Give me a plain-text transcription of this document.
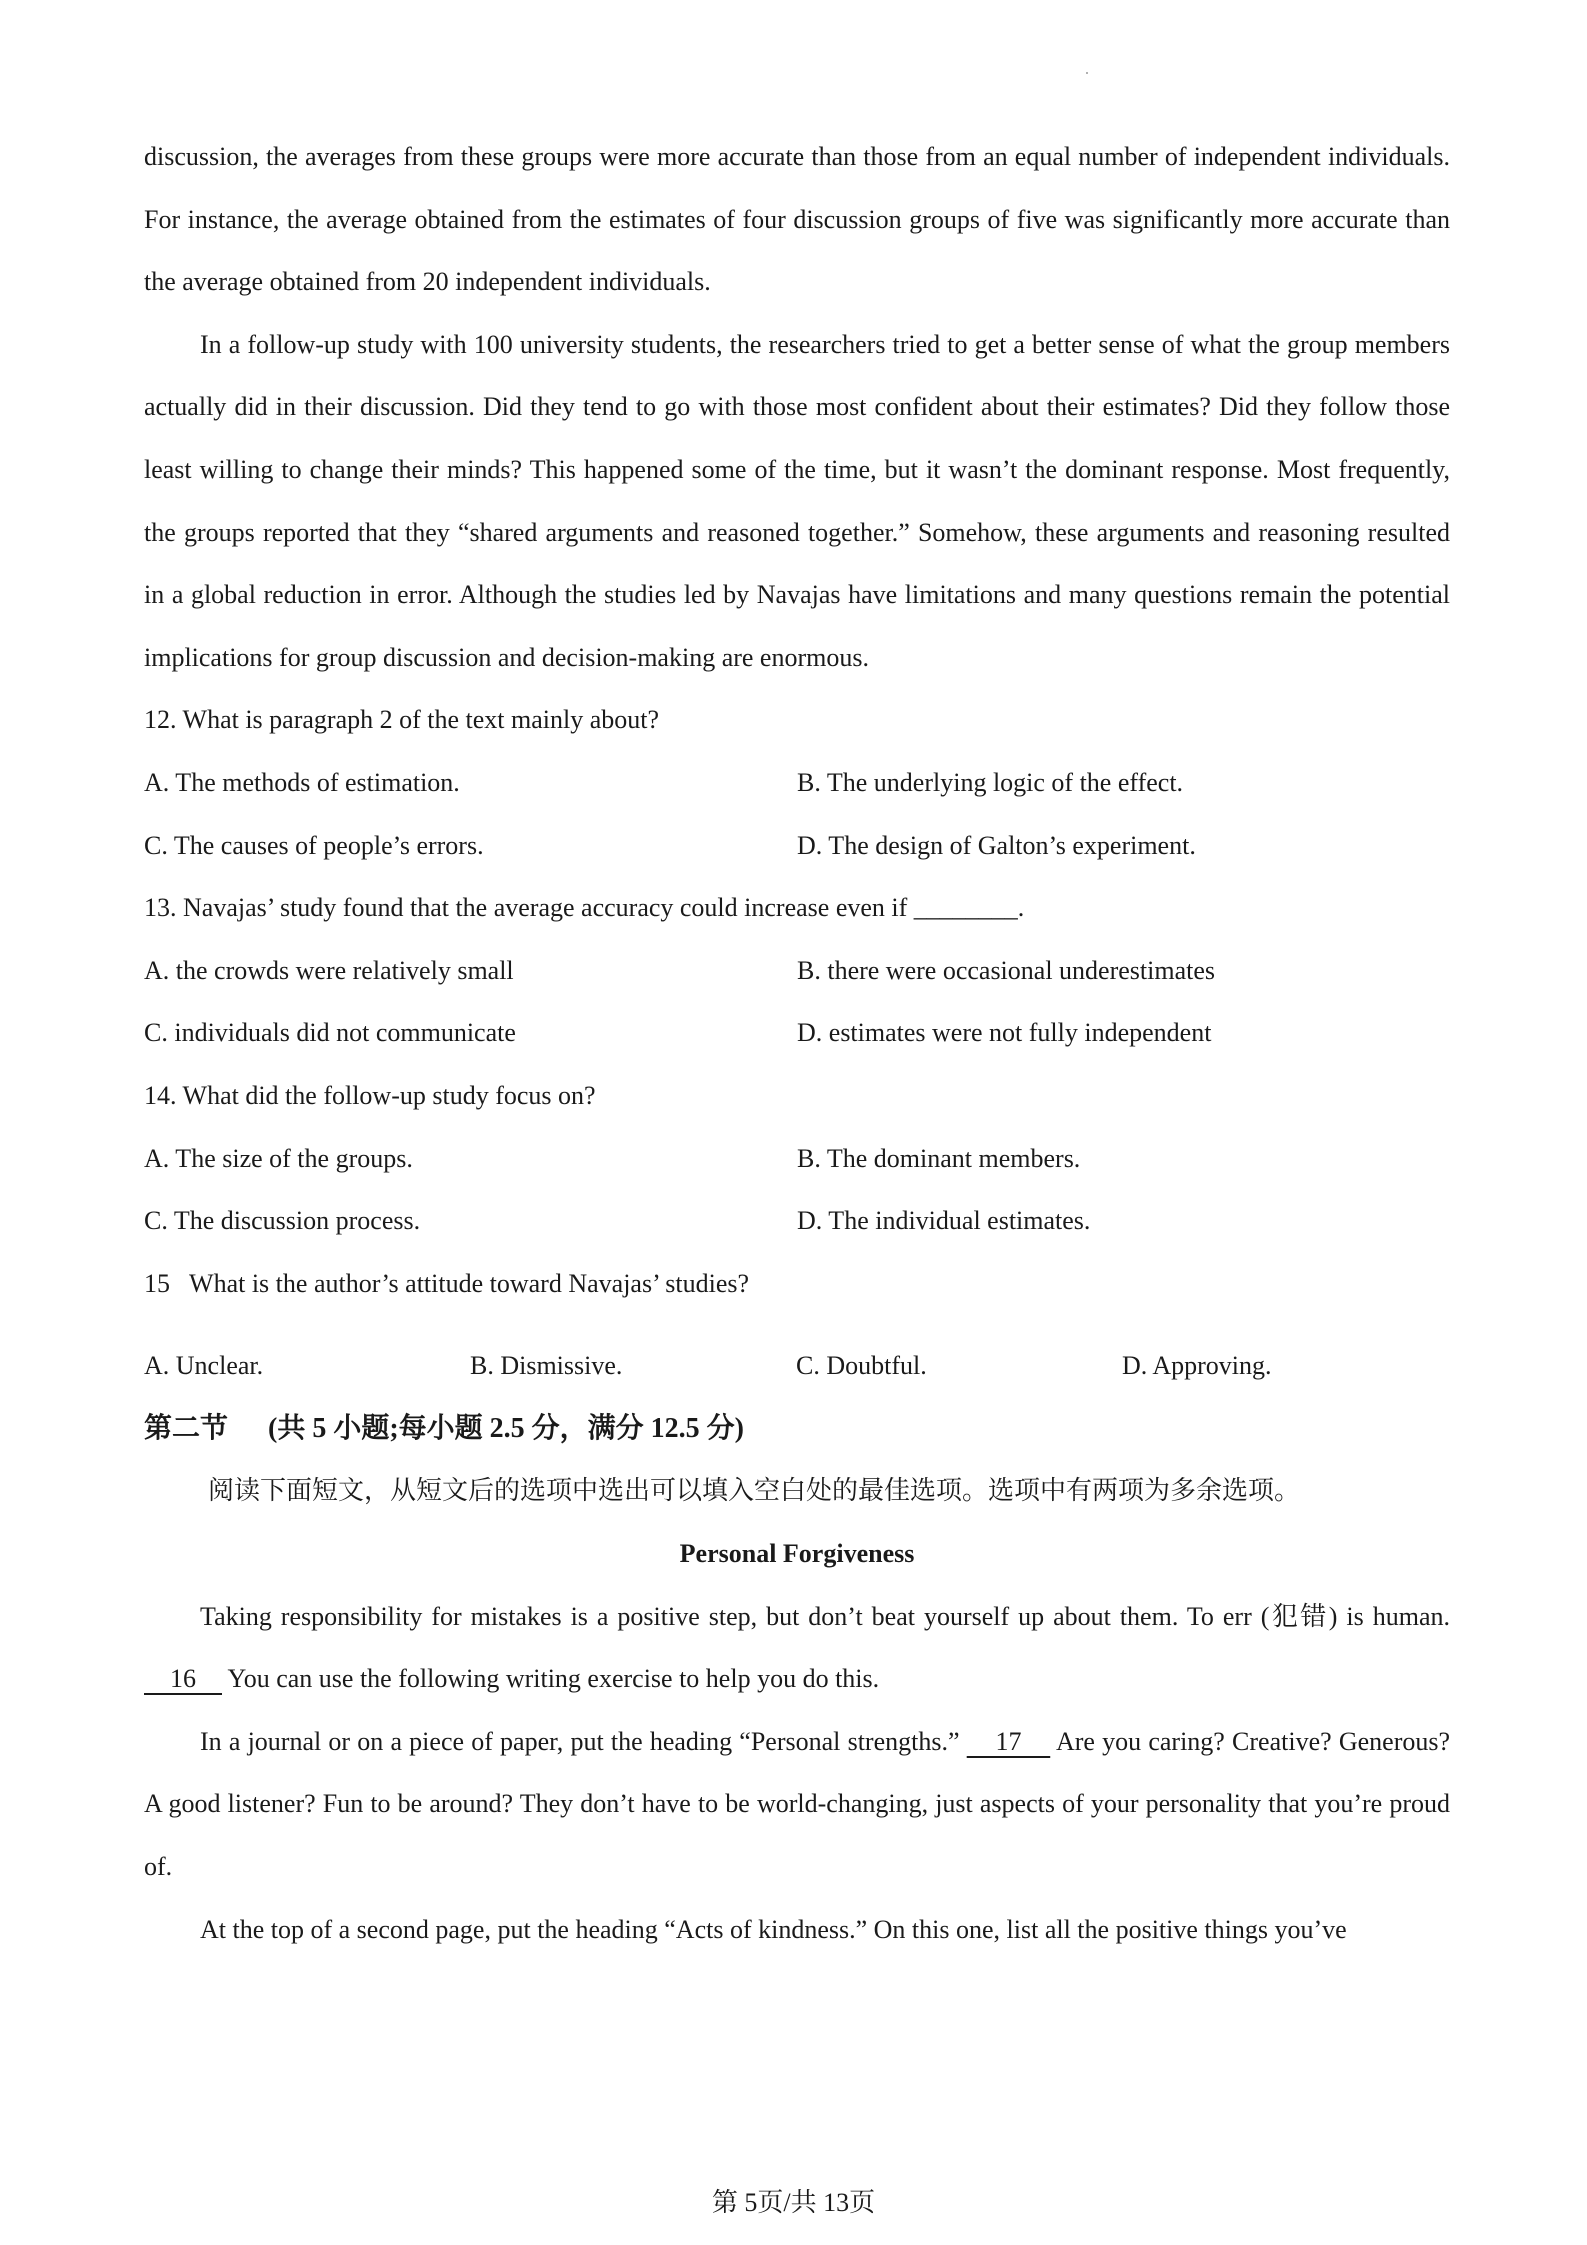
discussion, the averages from these groups were more accurate than those from an equal number of independent individuals. For instance, the average obtained from the estimates of four discussion groups of five was significantly more accurate than the average obtained from 20 independent individuals.

In a follow-up study with 100 university students, the researchers tried to get a better sense of what the group members actually did in their discussion. Did they tend to go with those most confident about their estimates? Did they follow those least willing to change their minds? This happened some of the time, but it wasn’t the dominant response. Most frequently, the groups reported that they “shared arguments and reasoned together.” Somehow, these arguments and reasoning resulted in a global reduction in error. Although the studies led by Navajas have limitations and many questions remain the potential implications for group discussion and decision-making are enormous.

12. What is paragraph 2 of the text mainly about?

A. The methods of estimation.	B. The underlying logic of the effect.
C. The causes of people’s errors.	D. The design of Galton’s experiment.

13. Navajas’ study found that the average accuracy could increase even if ________.

A. the crowds were relatively small	B. there were occasional underestimates
C. individuals did not communicate	D. estimates were not fully independent

14. What did the follow-up study focus on?

A. The size of the groups.	B. The dominant members.
C. The discussion process.	D. The individual estimates.

15   What is the author’s attitude toward Navajas’ studies?

A. Unclear.	B. Dismissive.	C. Doubtful.	D. Approving.

第二节 (共 5 小题;每小题 2.5 分，满分 12.5 分)

阅读下面短文，从短文后的选项中选出可以填入空白处的最佳选项。选项中有两项为多余选项。

Personal Forgiveness

Taking responsibility for mistakes is a positive step, but don’t beat yourself up about them. To err (犯错) is human.     16     You can use the following writing exercise to help you do this.

In a journal or on a piece of paper, put the heading “Personal strengths.”     17     Are you caring? Creative? Generous? A good listener? Fun to be around? They don’t have to be world-changing, just aspects of your personality that you’re proud of.

At the top of a second page, put the heading “Acts of kindness.” On this one, list all the positive things you’ve

第 5页/共 13页
